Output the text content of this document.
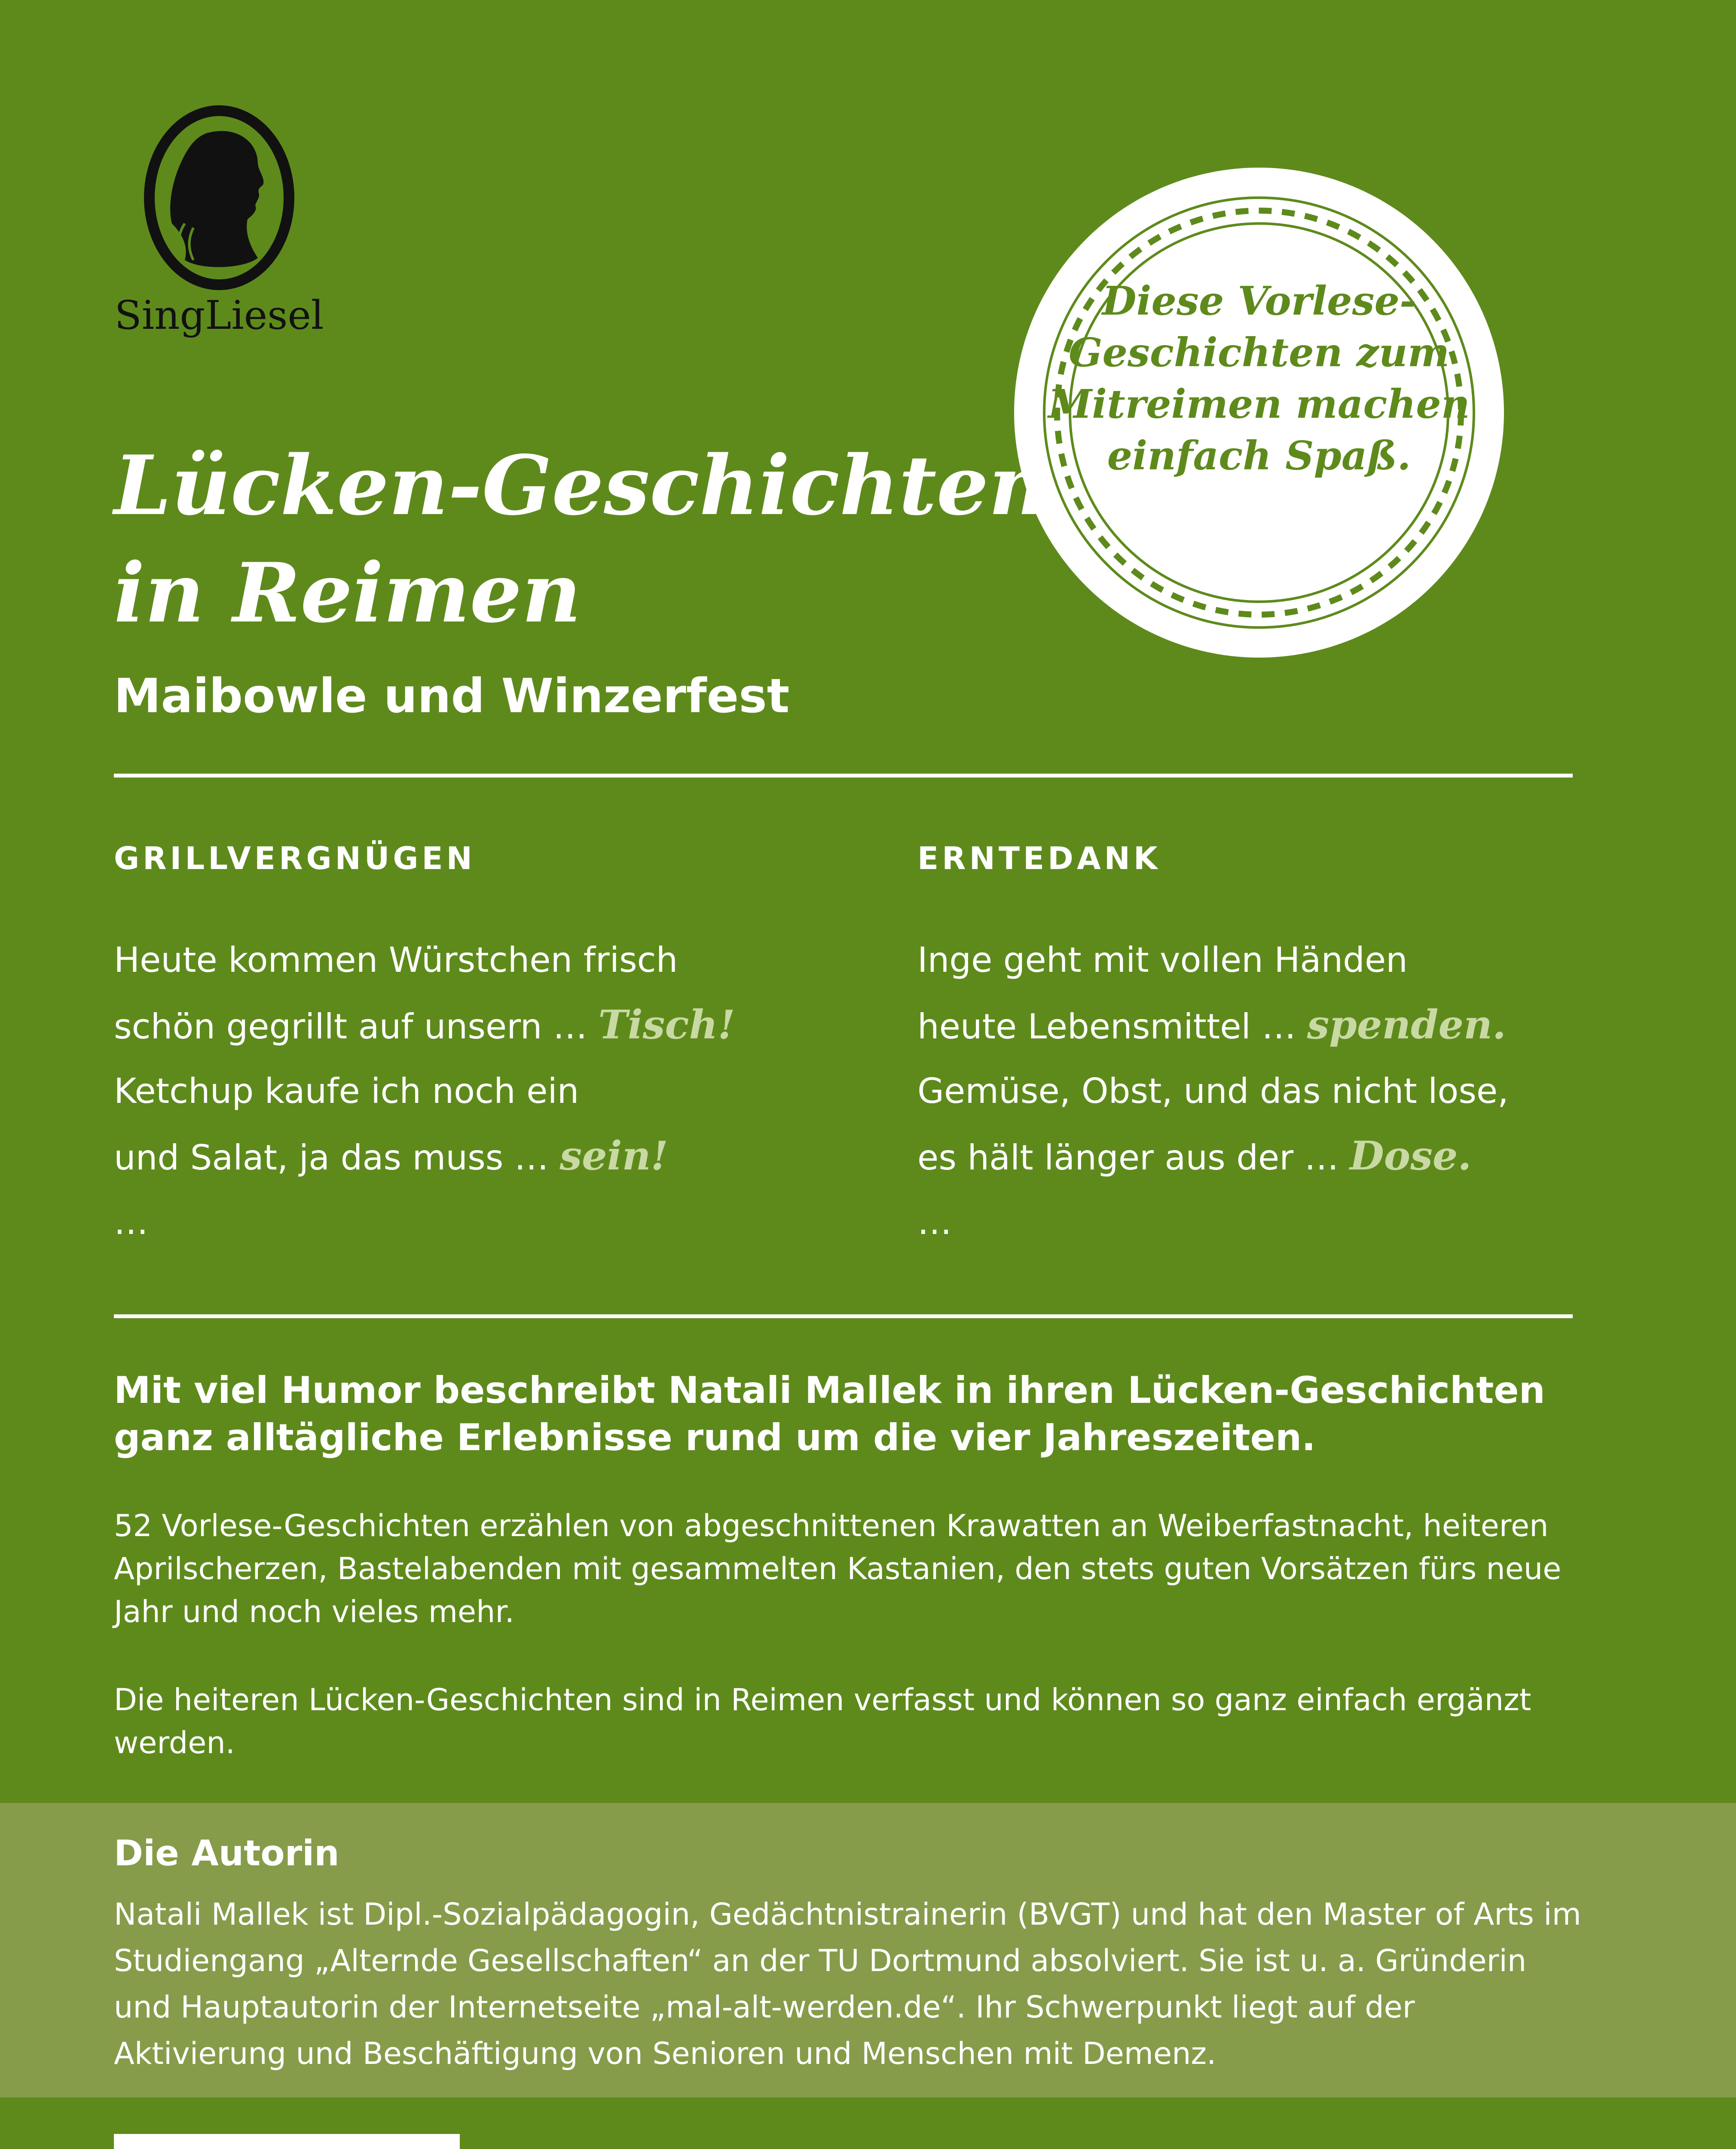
SingLiesel	Diese Vorlese-
Geschichten zum
Mitreimen machen
einfach Spaß.
Lücken-Geschichten
in Reimen
Maibowle und Winzerfest
GRILLVERGNÜGEN
Heute kommen Würstchen frisch
schön gegrillt auf unsern … Tisch!
Ketchup kaufe ich noch ein
und Salat, ja das muss … sein!
…
ERNTEDANK
Inge geht mit vollen Händen
heute Lebensmittel … spenden.
Gemüse, Obst, und das nicht lose,
es hält länger aus der … Dose.
…
Mit viel Humor beschreibt Natali Mallek in ihren Lücken-Geschichten ganz alltägliche Erlebnisse rund um die vier Jahreszeiten.
52 Vorlese-Geschichten erzählen von abgeschnittenen Krawatten an Weiberfastnacht, heiteren Aprilscherzen, Bastelabenden mit gesammelten Kastanien, den stets guten Vorsätzen fürs neue Jahr und noch vieles mehr.
Die heiteren Lücken-Geschichten sind in Reimen verfasst und können so ganz einfach ergänzt werden.
Die Autorin
Natali Mallek ist Dipl.-Sozialpädagogin, Gedächtnistrainerin (BVGT) und hat den Master of Arts im Studiengang „Alternde Gesellschaften“ an der TU Dortmund absolviert. Sie ist u. a. Gründerin und Hauptautorin der Internetseite „mal-alt-werden.de“. Ihr Schwerpunkt liegt auf der Aktivierung und Beschäftigung von Senioren und Menschen mit Demenz.
